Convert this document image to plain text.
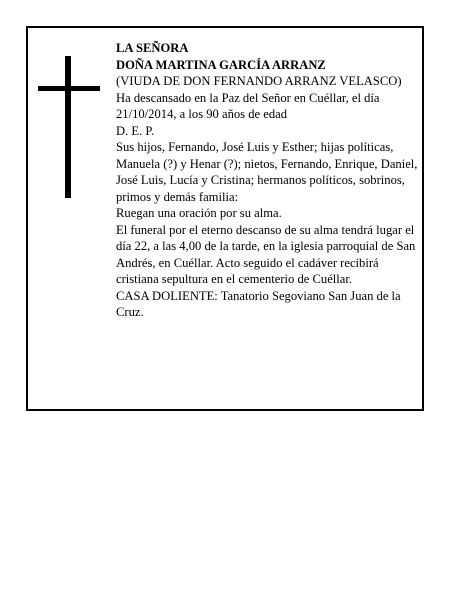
LA SEÑORA

DOÑA MARTINA GARCÍA ARRANZ

(VIUDA DE DON FERNANDO ARRANZ VELASCO)

Ha descansado en la Paz del Señor en Cuéllar, el día 21/10/2014, a los 90 años de edad

D. E. P.

Sus hijos, Fernando, José Luis y Esther; hijas políticas, Manuela (?) y Henar (?); nietos, Fernando, Enrique, Daniel, José Luis, Lucía y Cristina; hermanos políticos, sobrinos, primos y demás familia:

Ruegan una oración por su alma.

El funeral por el eterno descanso de su alma tendrá lugar el día 22, a las 4,00 de la tarde, en la iglesia parroquial de San Andrés, en Cuéllar. Acto seguido el cadáver recibirá cristiana sepultura en el cementerio de Cuéllar.

CASA DOLIENTE: Tanatorio Segoviano San Juan de la Cruz.
